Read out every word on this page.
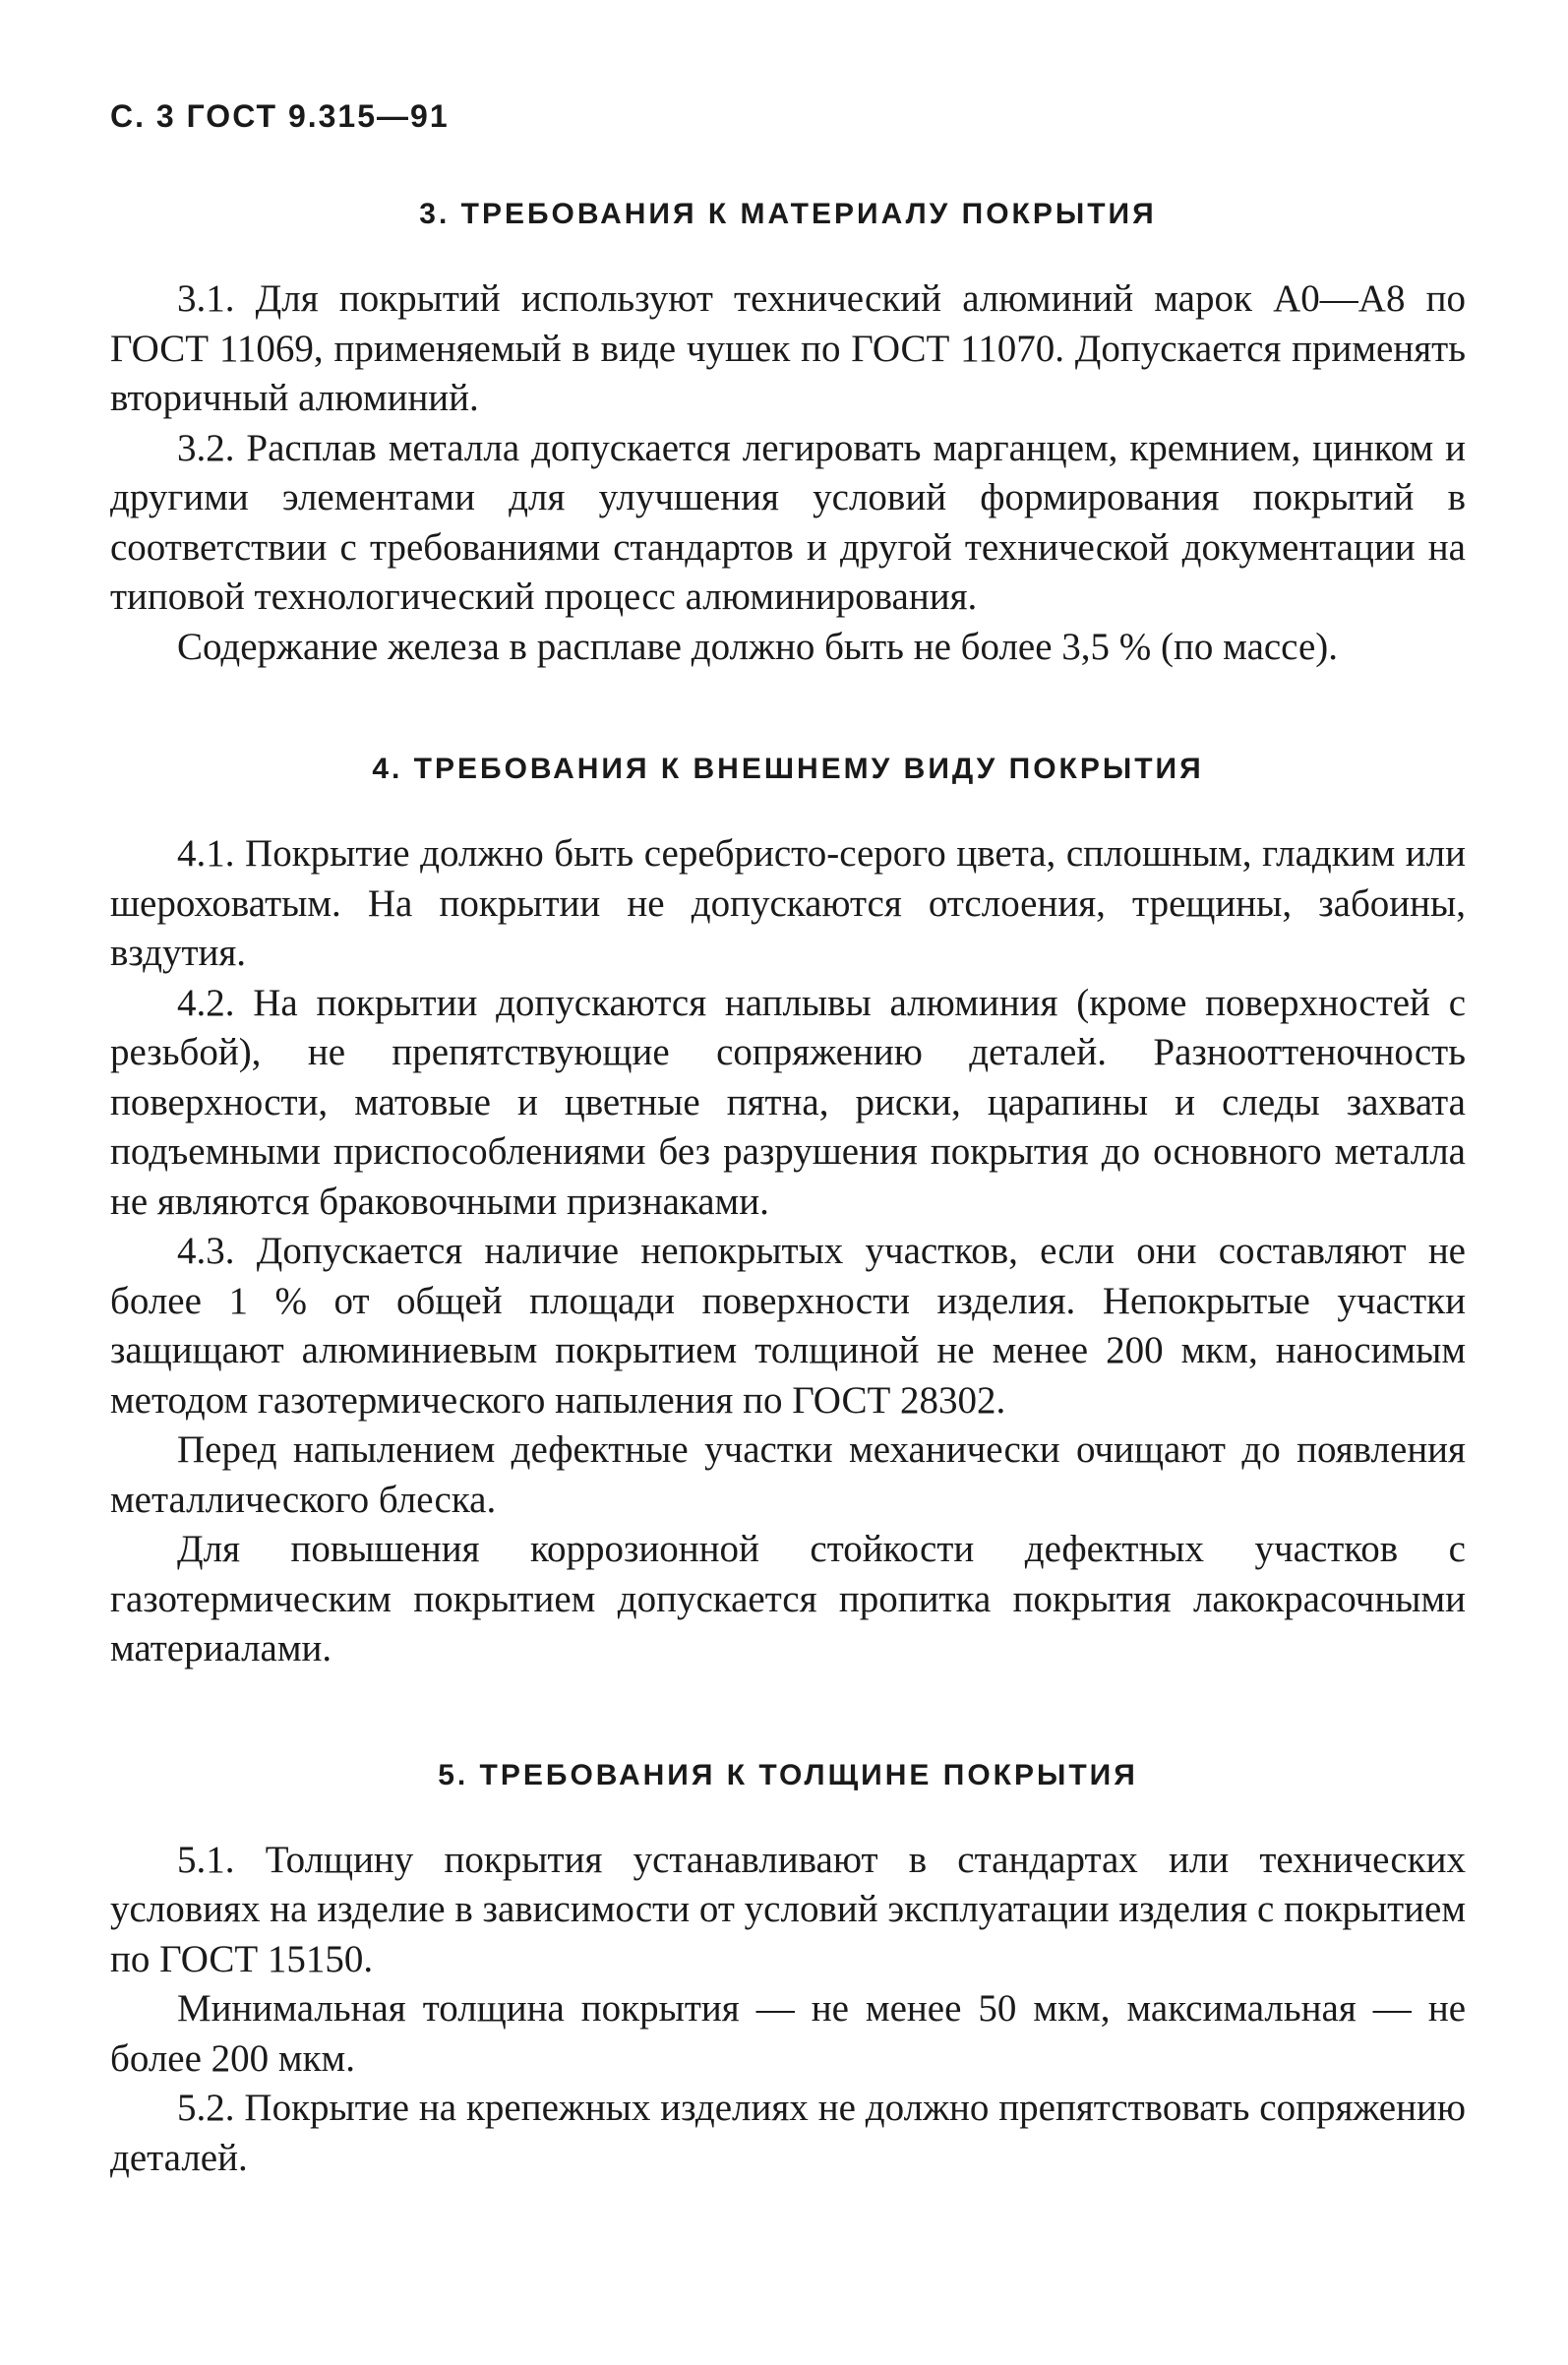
С. 3 ГОСТ 9.315—91
3. ТРЕБОВАНИЯ К МАТЕРИАЛУ ПОКРЫТИЯ

3.1. Для покрытий используют технический алюминий марок А0—А8 по ГОСТ 11069, применяемый в виде чушек по ГОСТ 11070. Допускается применять вторичный алюминий.

3.2. Расплав металла допускается легировать марганцем, кремнием, цинком и другими элементами для улучшения условий формирования покрытий в соответствии с требованиями стандартов и другой технической документации на типовой технологический процесс алюминирования.

Содержание железа в расплаве должно быть не более 3,5 % (по массе).

4. ТРЕБОВАНИЯ К ВНЕШНЕМУ ВИДУ ПОКРЫТИЯ

4.1. Покрытие должно быть серебристо-серого цвета, сплошным, гладким или шероховатым. На покрытии не допускаются отслоения, трещины, забоины, вздутия.

4.2. На покрытии допускаются наплывы алюминия (кроме поверхностей с резьбой), не препятствующие сопряжению деталей. Разнооттеночность поверхности, матовые и цветные пятна, риски, царапины и следы захвата подъемными приспособлениями без разрушения покрытия до основного металла не являются браковочными признаками.

4.3. Допускается наличие непокрытых участков, если они составляют не более 1 % от общей площади поверхности изделия. Непокрытые участки защищают алюминиевым покрытием толщиной не менее 200 мкм, наносимым методом газотермического напыления по ГОСТ 28302.

Перед напылением дефектные участки механически очищают до появления металлического блеска.

Для повышения коррозионной стойкости дефектных участков с газотермическим покрытием допускается пропитка покрытия лакокрасочными материалами.

5. ТРЕБОВАНИЯ К ТОЛЩИНЕ ПОКРЫТИЯ

5.1. Толщину покрытия устанавливают в стандартах или технических условиях на изделие в зависимости от условий эксплуатации изделия с покрытием по ГОСТ 15150.

Минимальная толщина покрытия — не менее 50 мкм, максимальная — не более 200 мкм.

5.2. Покрытие на крепежных изделиях не должно препятствовать сопряжению деталей.
